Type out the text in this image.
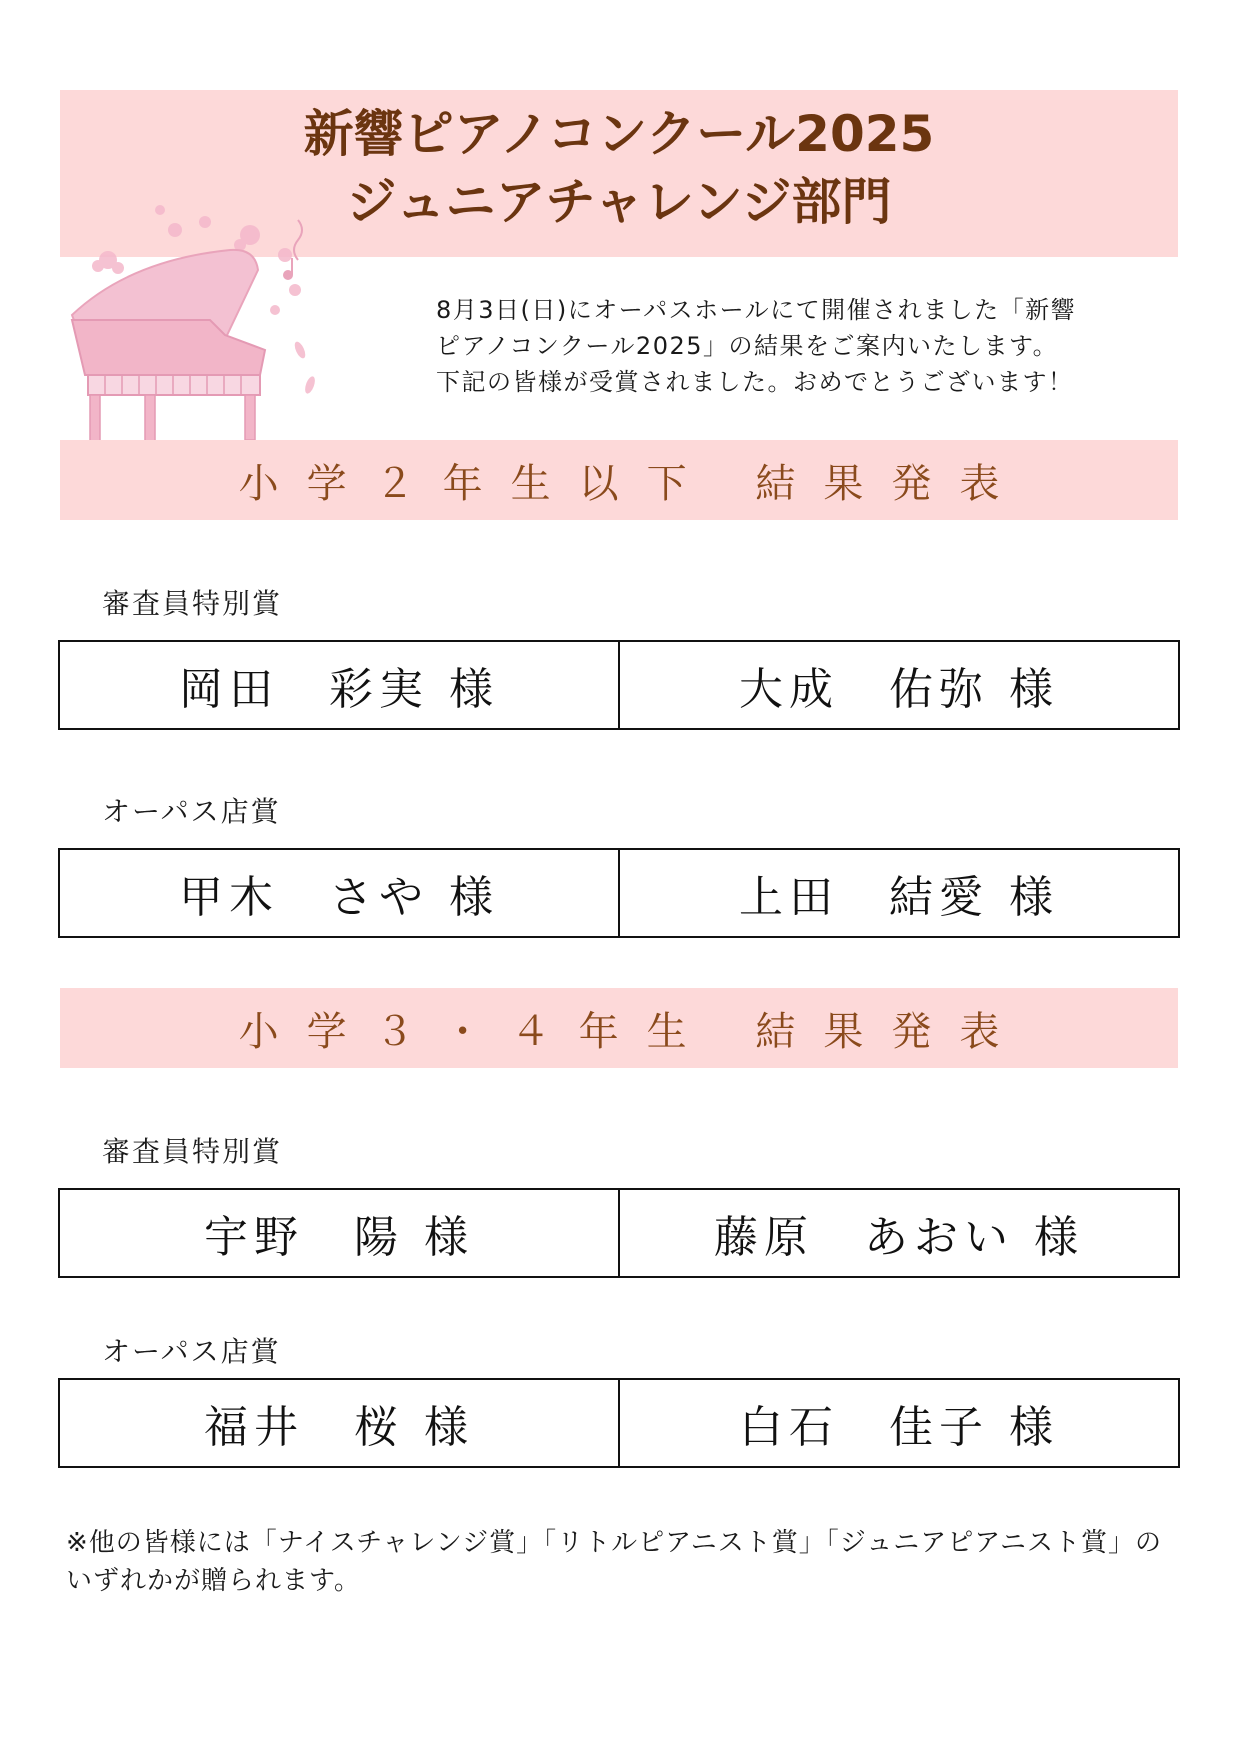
新響ピアノコンクール2025
ジュニアチャレンジ部門
8月3日(日)にオーパスホールにて開催されました「新響
ピアノコンクール2025」の結果をご案内いたします。
下記の皆様が受賞されました。おめでとうございます！
小学２年生以下 結果発表
審査員特別賞
岡田　彩実 様	大成　佑弥 様
オーパス店賞
甲木　さや 様	上田　結愛 様
小学３・４年生 結果発表
審査員特別賞
宇野　陽 様	藤原　あおい 様
オーパス店賞
福井　桜 様	白石　佳子 様
※他の皆様には「ナイスチャレンジ賞」「リトルピアニスト賞」「ジュニアピアニスト賞」のいずれかが贈られます。
